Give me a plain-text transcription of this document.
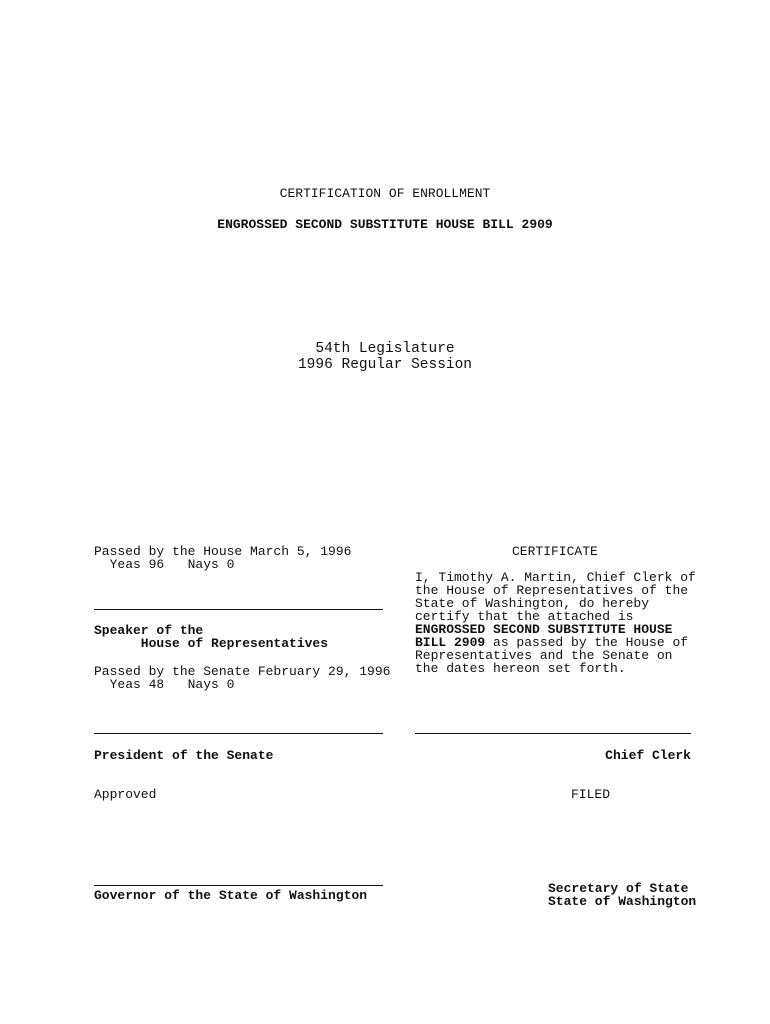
CERTIFICATION OF ENROLLMENT
ENGROSSED SECOND SUBSTITUTE HOUSE BILL 2909
54th Legislature
1996 Regular Session
Passed by the House March 5, 1996
Yeas 96   Nays 0
Speaker of the
House of Representatives
Passed by the Senate February 29, 1996
Yeas 48   Nays 0
President of the Senate
Approved
Governor of the State of Washington
CERTIFICATE
I, Timothy A. Martin, Chief Clerk of
the House of Representatives of the
State of Washington, do hereby
certify that the attached is
ENGROSSED SECOND SUBSTITUTE HOUSE
BILL 2909 as passed by the House of
Representatives and the Senate on
the dates hereon set forth.
Chief Clerk
FILED
Secretary of State
State of Washington
